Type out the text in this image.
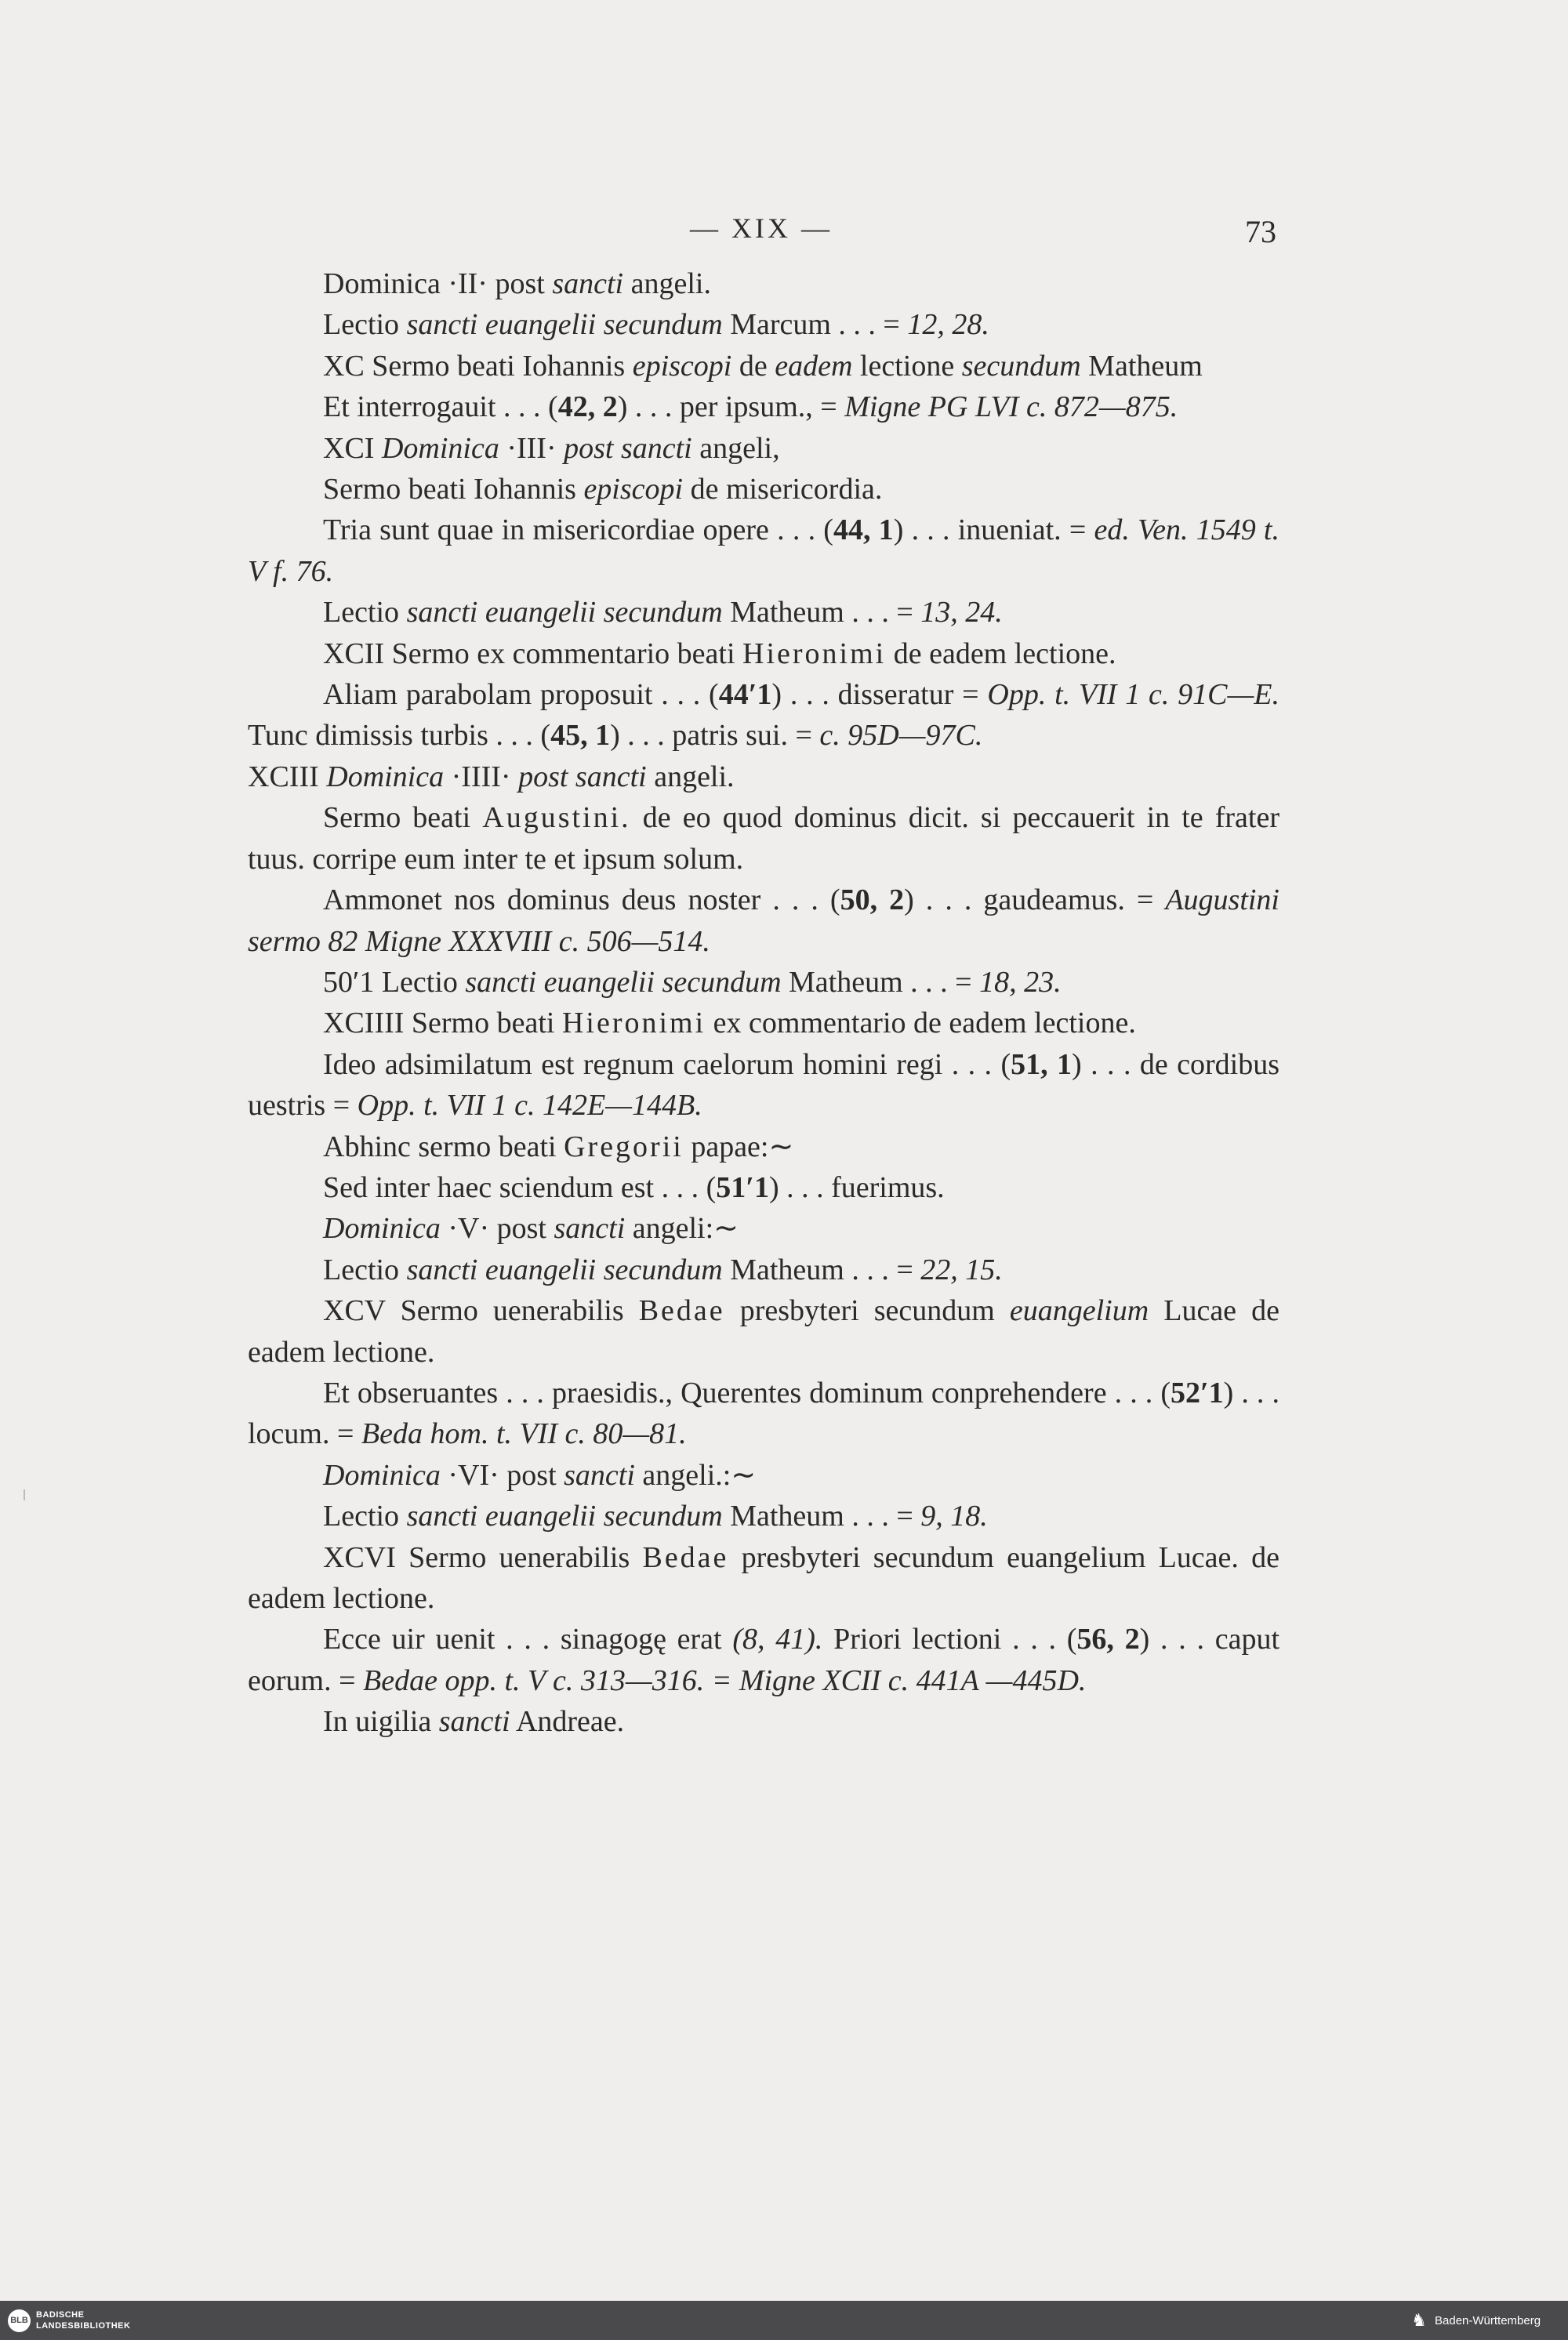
— XIX —	73

Dominica ·II· post sancti angeli.

Lectio sancti euangelii secundum Marcum . . . = 12, 28.

XC Sermo beati Iohannis episcopi de eadem lectione secundum Matheum

Et interrogauit . . . (42, 2) . . . per ipsum., = Migne PG LVI c. 872—875.

XCI Dominica ·III· post sancti angeli,

Sermo beati Iohannis episcopi de misericordia.

Tria sunt quae in misericordiae opere . . . (44, 1) . . . inueniat. = ed. Ven. 1549 t. V f. 76.

Lectio sancti euangelii secundum Matheum . . . = 13, 24.

XCII Sermo ex commentario beati Hieronimi de eadem lectione.

Aliam parabolam proposuit . . . (44′1) . . . disseratur = Opp. t. VII 1 c. 91C—E. Tunc dimissis turbis . . . (45, 1) . . . patris sui. = c. 95D—97C.

XCIII Dominica ·IIII· post sancti angeli.

Sermo beati Augustini. de eo quod dominus dicit. si peccauerit in te frater tuus. corripe eum inter te et ipsum solum.

Ammonet nos dominus deus noster . . . (50, 2) . . . gaudeamus. = Augustini sermo 82 Migne XXXVIII c. 506—514.

50′1 Lectio sancti euangelii secundum Matheum . . . = 18, 23.

XCIIII Sermo beati Hieronimi ex commentario de eadem lectione.

Ideo adsimilatum est regnum caelorum homini regi . . . (51, 1) . . . de cordibus uestris = Opp. t. VII 1 c. 142E—144B.

Abhinc sermo beati Gregorii papae:∼

Sed inter haec sciendum est . . . (51′1) . . . fuerimus.

Dominica ·V· post sancti angeli:∼

Lectio sancti euangelii secundum Matheum . . . = 22, 15.

XCV Sermo uenerabilis Bedae presbyteri secundum euangelium Lucae de eadem lectione.

Et obseruantes . . . praesidis., Querentes dominum conprehendere . . . (52′1) . . . locum. = Beda hom. t. VII c. 80—81.

Dominica ·VI· post sancti angeli.:∼

Lectio sancti euangelii secundum Matheum . . . = 9, 18.

XCVI Sermo uenerabilis Bedae presbyteri secundum euangelium Lucae. de eadem lectione.

Ecce uir uenit . . . sinagogę erat (8, 41). Priori lectioni . . . (56, 2) . . . caput eorum. = Bedae opp. t. V c. 313—316. = Migne XCII c. 441A —445D.

In uigilia sancti Andreae.

BLB
BADISCHE
LANDESBIBLIOTHEK	♞ Baden-Württemberg
